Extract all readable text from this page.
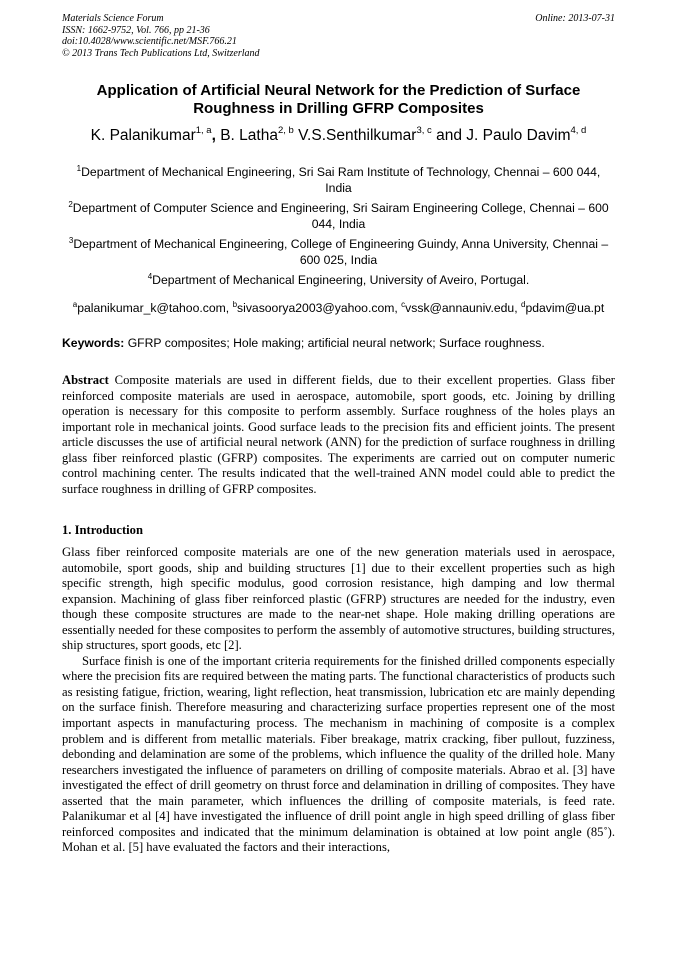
Materials Science Forum
ISSN: 1662-9752, Vol. 766, pp 21-36
doi:10.4028/www.scientific.net/MSF.766.21
© 2013 Trans Tech Publications Ltd, Switzerland
Online: 2013-07-31
Application of Artificial Neural Network for the Prediction of Surface Roughness in Drilling GFRP Composites
K. Palanikumar$^{1, a}$, B. Latha$^{2, b}$ V.S.Senthilkumar$^{3, c}$ and J. Paulo Davim$^{4, d}$
$^1$Department of Mechanical Engineering, Sri Sai Ram Institute of Technology, Chennai – 600 044, India
$^2$Department of Computer Science and Engineering, Sri Sairam Engineering College, Chennai – 600 044, India
$^3$Department of Mechanical Engineering, College of Engineering Guindy, Anna University, Chennai – 600 025, India
$^4$Department of Mechanical Engineering, University of Aveiro, Portugal.
$^a$palanikumar_k@tahoo.com, $^b$sivasoorya2003@yahoo.com, $^c$vssk@annauniv.edu, $^d$pdavim@ua.pt
Keywords: GFRP composites; Hole making; artificial neural network; Surface roughness.

Abstract Composite materials are used in different fields, due to their excellent properties. Glass fiber reinforced composite materials are used in aerospace, automobile, sport goods, etc. Joining by drilling operation is necessary for this composite to perform assembly. Surface roughness of the holes plays an important role in mechanical joints. Good surface leads to the precision fits and efficient joints. The present article discusses the use of artificial neural network (ANN) for the prediction of surface roughness in drilling glass fiber reinforced plastic (GFRP) composites. The experiments are carried out on computer numeric control machining center. The results indicated that the well-trained ANN model could able to predict the surface roughness in drilling of GFRP composites.

1. Introduction

Glass fiber reinforced composite materials are one of the new generation materials used in aerospace, automobile, sport goods, ship and building structures [1] due to their excellent properties such as high specific strength, high specific modulus, good corrosion resistance, high damping and low thermal expansion. Machining of glass fiber reinforced plastic (GFRP) structures are needed for the industry, even though these composite structures are made to the near-net shape. Hole making drilling operations are essentially needed for these composites to perform the assembly of automotive structures, building structures, ship structures, sport goods, etc [2].

Surface finish is one of the important criteria requirements for the finished drilled components especially where the precision fits are required between the mating parts. The functional characteristics of products such as resisting fatigue, friction, wearing, light reflection, heat transmission, lubrication etc are mainly depending on the surface finish. Therefore measuring and characterizing surface properties represent one of the most important aspects in manufacturing process. The mechanism in machining of composite is a complex problem and is different from metallic materials. Fiber breakage, matrix cracking, fiber pullout, fuzziness, debonding and delamination are some of the problems, which influence the quality of the drilled hole. Many researchers investigated the influence of parameters on drilling of composite materials. Abrao et al. [3] have investigated the effect of drill geometry on thrust force and delamination in drilling of composites. They have asserted that the main parameter, which influences the drilling of composite materials, is feed rate. Palanikumar et al [4] have investigated the influence of drill point angle in high speed drilling of glass fiber reinforced composites and indicated that the minimum delamination is obtained at low point angle (85˚). Mohan et al. [5] have evaluated the factors and their interactions,
